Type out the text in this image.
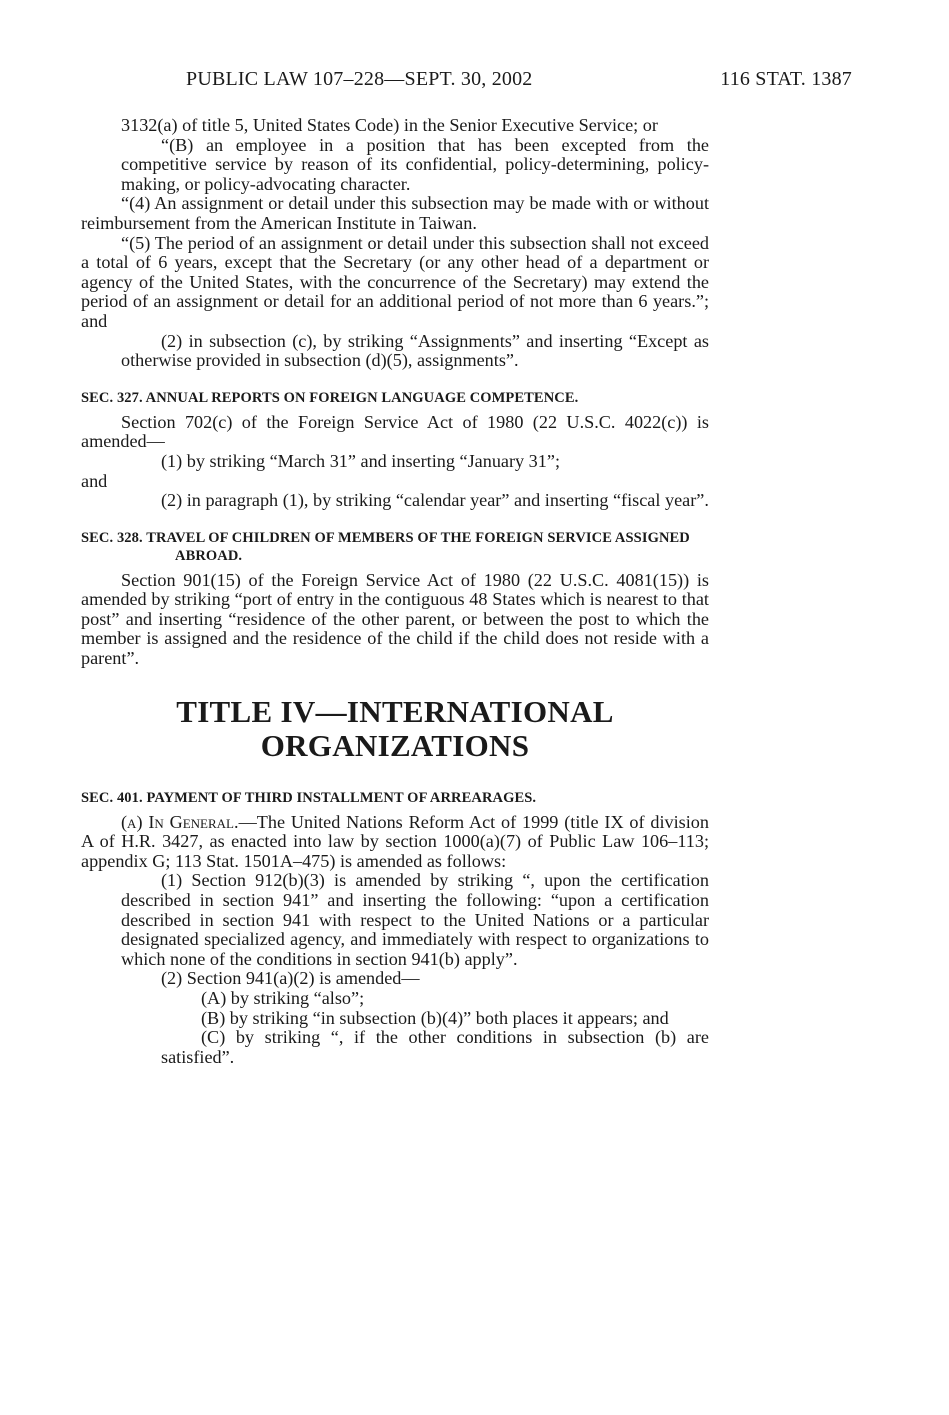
PUBLIC LAW 107–228—SEPT. 30, 2002	116 STAT. 1387

3132(a) of title 5, United States Code) in the Senior Executive Service; or

“(B) an employee in a position that has been excepted from the competitive service by reason of its confidential, policy-determining, policy-making, or policy-advocating character.

“(4) An assignment or detail under this subsection may be made with or without reimbursement from the American Institute in Taiwan.

“(5) The period of an assignment or detail under this subsection shall not exceed a total of 6 years, except that the Secretary (or any other head of a department or agency of the United States, with the concurrence of the Secretary) may extend the period of an assignment or detail for an additional period of not more than 6 years.”; and

(2) in subsection (c), by striking “Assignments” and inserting “Except as otherwise provided in subsection (d)(5), assignments”.

SEC. 327. ANNUAL REPORTS ON FOREIGN LANGUAGE COMPETENCE.

Section 702(c) of the Foreign Service Act of 1980 (22 U.S.C. 4022(c)) is amended—

(1) by striking “March 31” and inserting “January 31”;

and

(2) in paragraph (1), by striking “calendar year” and inserting “fiscal year”.

SEC. 328. TRAVEL OF CHILDREN OF MEMBERS OF THE FOREIGN SERVICE ASSIGNED ABROAD.

Section 901(15) of the Foreign Service Act of 1980 (22 U.S.C. 4081(15)) is amended by striking “port of entry in the contiguous 48 States which is nearest to that post” and inserting “residence of the other parent, or between the post to which the member is assigned and the residence of the child if the child does not reside with a parent”.

TITLE IV—INTERNATIONAL

ORGANIZATIONS

SEC. 401. PAYMENT OF THIRD INSTALLMENT OF ARREARAGES.

(a) In General.—The United Nations Reform Act of 1999 (title IX of division A of H.R. 3427, as enacted into law by section 1000(a)(7) of Public Law 106–113; appendix G; 113 Stat. 1501A–475) is amended as follows:

(1) Section 912(b)(3) is amended by striking “, upon the certification described in section 941” and inserting the following: “upon a certification described in section 941 with respect to the United Nations or a particular designated specialized agency, and immediately with respect to organizations to which none of the conditions in section 941(b) apply”.

(2) Section 941(a)(2) is amended—

(A) by striking “also”;

(B) by striking “in subsection (b)(4)” both places it appears; and

(C) by striking “, if the other conditions in subsection (b) are satisfied”.
